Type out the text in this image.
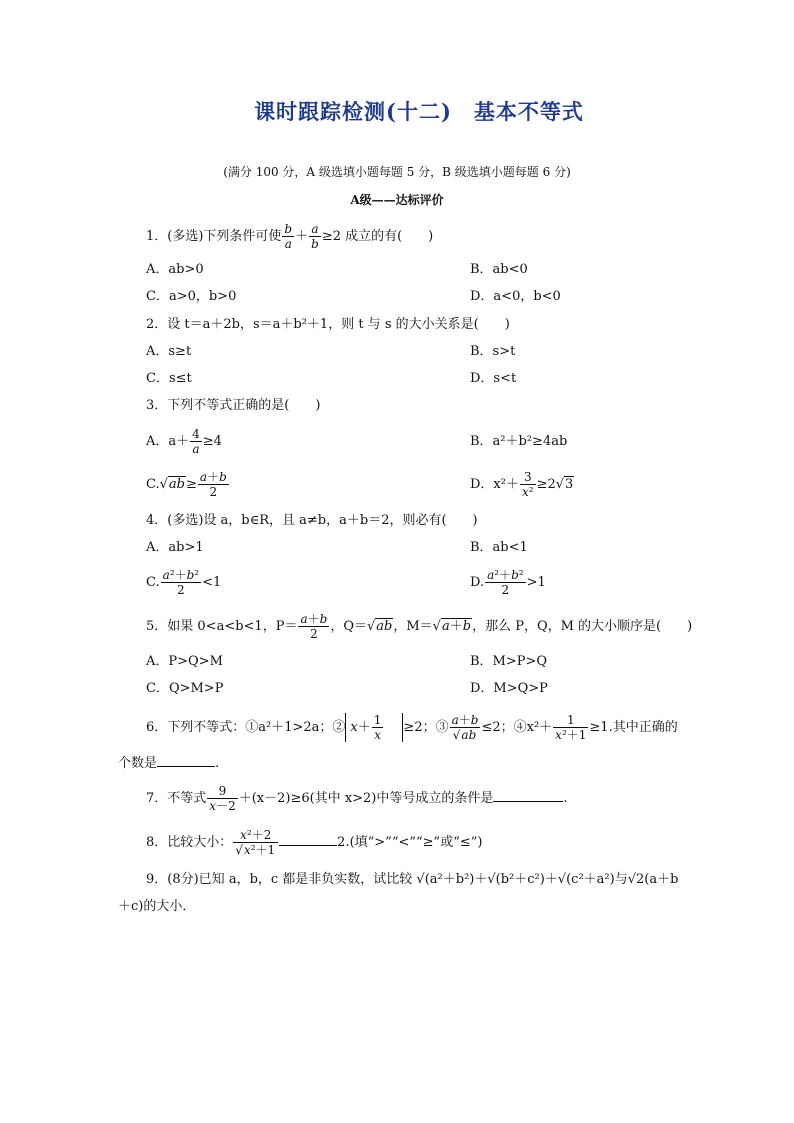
课时跟踪检测(十二)　基本不等式
(满分 100 分，A 级选填小题每题 5 分，B 级选填小题每题 6 分)
A级——达标评价
1．(多选)下列条件可使 $\frac{b}{a} + \frac{a}{b} \ge 2$ 成立的有(　　)
A．ab>0	B．ab<0
C．a>0，b>0	D．a<0，b<0
2．设 t＝a＋2b，s＝a＋b²＋1，则 t 与 s 的大小关系是(　　)
A．s≥t	B．s>t
C．s≤t	D．s<t
3．下列不等式正确的是(　　)
A．$a+ \frac{4}{a} \ge 4$	B．a²＋b²≥4ab
$C.√ab\ge \frac{a+b}{2}$	D．$x^2+ \frac{3}{\text{x²}} \ge 2√3$
4．(多选)设 a，b∈R，且 a≠b，a＋b＝2，则必有(　　)
A．ab>1	B．ab<1
C. $\frac{\text{a²＋b²}}{2} <1$	D. $\frac{\text{a²＋b²}}{2} >1$
5．如果 0<a<b<1，$P= \frac{a+b}{2}$ ，Q＝√ab，M＝√a＋b，那么 P，Q，M 的大小顺序是(　　)
A．P>Q>M	B．M>P>Q
C．Q>M>P	D．M>Q>P
6．下列不等式：①a²＋1>2a；② $x+ \frac{1}{x} \ge 2$；③ $\frac{a+b}{√ab} \le 2$；④x²＋ $\frac{1}{\text{x²＋1}} \ge 1$.其中正确的
个数是	.
7．不等式 $\frac{9}{x-2} +(x-2)\ge 6$(其中 x>2)中等号成立的条件是	.
8．比较大小： $\frac{\text{x²＋2}}{\text{√x²＋1}}$	2.(填“>”“<”“≥”或“≤”)
9．(8分)已知 a，b，c 都是非负实数，试比较 √(a²＋b²)＋√(b²＋c²)＋√(c²＋a²)与√2(a＋b
＋c)的大小．
